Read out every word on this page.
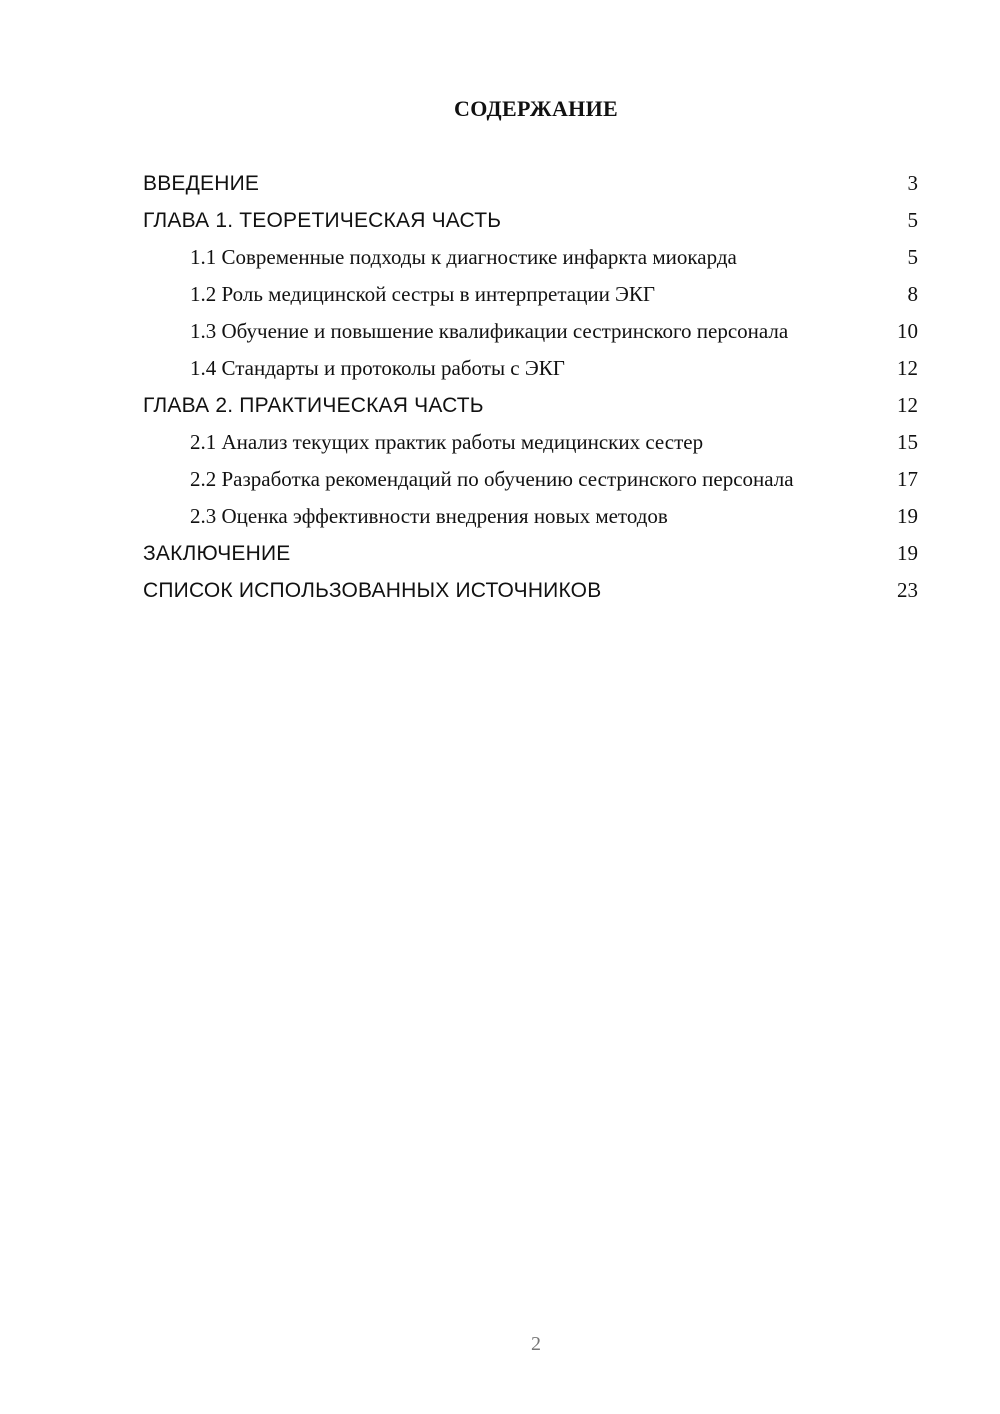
СОДЕРЖАНИЕ
ВВЕДЕНИЕ	3
ГЛАВА 1. ТЕОРЕТИЧЕСКАЯ ЧАСТЬ	5
1.1 Современные подходы к диагностике инфаркта миокарда	5
1.2 Роль медицинской сестры в интерпретации ЭКГ	8
1.3 Обучение и повышение квалификации сестринского персонала	10
1.4 Стандарты и протоколы работы с ЭКГ	12
ГЛАВА 2. ПРАКТИЧЕСКАЯ ЧАСТЬ	12
2.1 Анализ текущих практик работы медицинских сестер	15
2.2 Разработка рекомендаций по обучению сестринского персонала	17
2.3 Оценка эффективности внедрения новых методов	19
ЗАКЛЮЧЕНИЕ	19
СПИСОК ИСПОЛЬЗОВАННЫХ ИСТОЧНИКОВ	23
2
